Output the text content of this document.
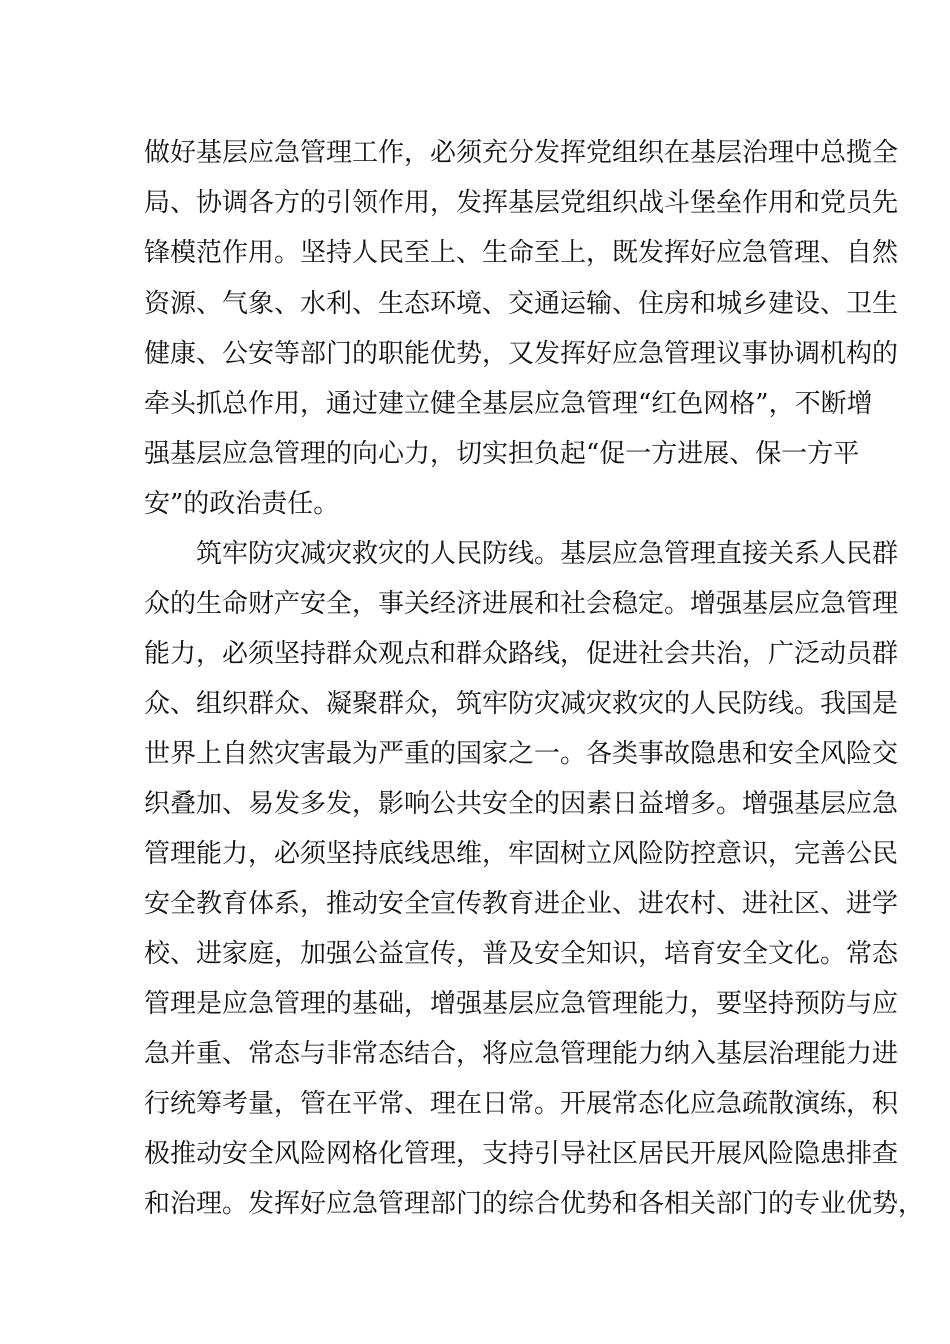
做好基层应急管理工作，必须充分发挥党组织在基层治理中总揽全
局、协调各方的引领作用，发挥基层党组织战斗堡垒作用和党员先
锋模范作用。坚持人民至上、生命至上，既发挥好应急管理、自然
资源、气象、水利、生态环境、交通运输、住房和城乡建设、卫生
健康、公安等部门的职能优势，又发挥好应急管理议事协调机构的
牵头抓总作用，通过建立健全基层应急管理“红色网格”，不断增
强基层应急管理的向心力，切实担负起“促一方进展、保一方平
安”的政治责任。
筑牢防灾减灾救灾的人民防线。基层应急管理直接关系人民群
众的生命财产安全，事关经济进展和社会稳定。增强基层应急管理
能力，必须坚持群众观点和群众路线，促进社会共治，广泛动员群
众、组织群众、凝聚群众，筑牢防灾减灾救灾的人民防线。我国是
世界上自然灾害最为严重的国家之一。各类事故隐患和安全风险交
织叠加、易发多发，影响公共安全的因素日益增多。增强基层应急
管理能力，必须坚持底线思维，牢固树立风险防控意识，完善公民
安全教育体系，推动安全宣传教育进企业、进农村、进社区、进学
校、进家庭，加强公益宣传，普及安全知识，培育安全文化。常态
管理是应急管理的基础，增强基层应急管理能力，要坚持预防与应
急并重、常态与非常态结合，将应急管理能力纳入基层治理能力进
行统筹考量，管在平常、理在日常。开展常态化应急疏散演练，积
极推动安全风险网格化管理，支持引导社区居民开展风险隐患排查
和治理。发挥好应急管理部门的综合优势和各相关部门的专业优势，
